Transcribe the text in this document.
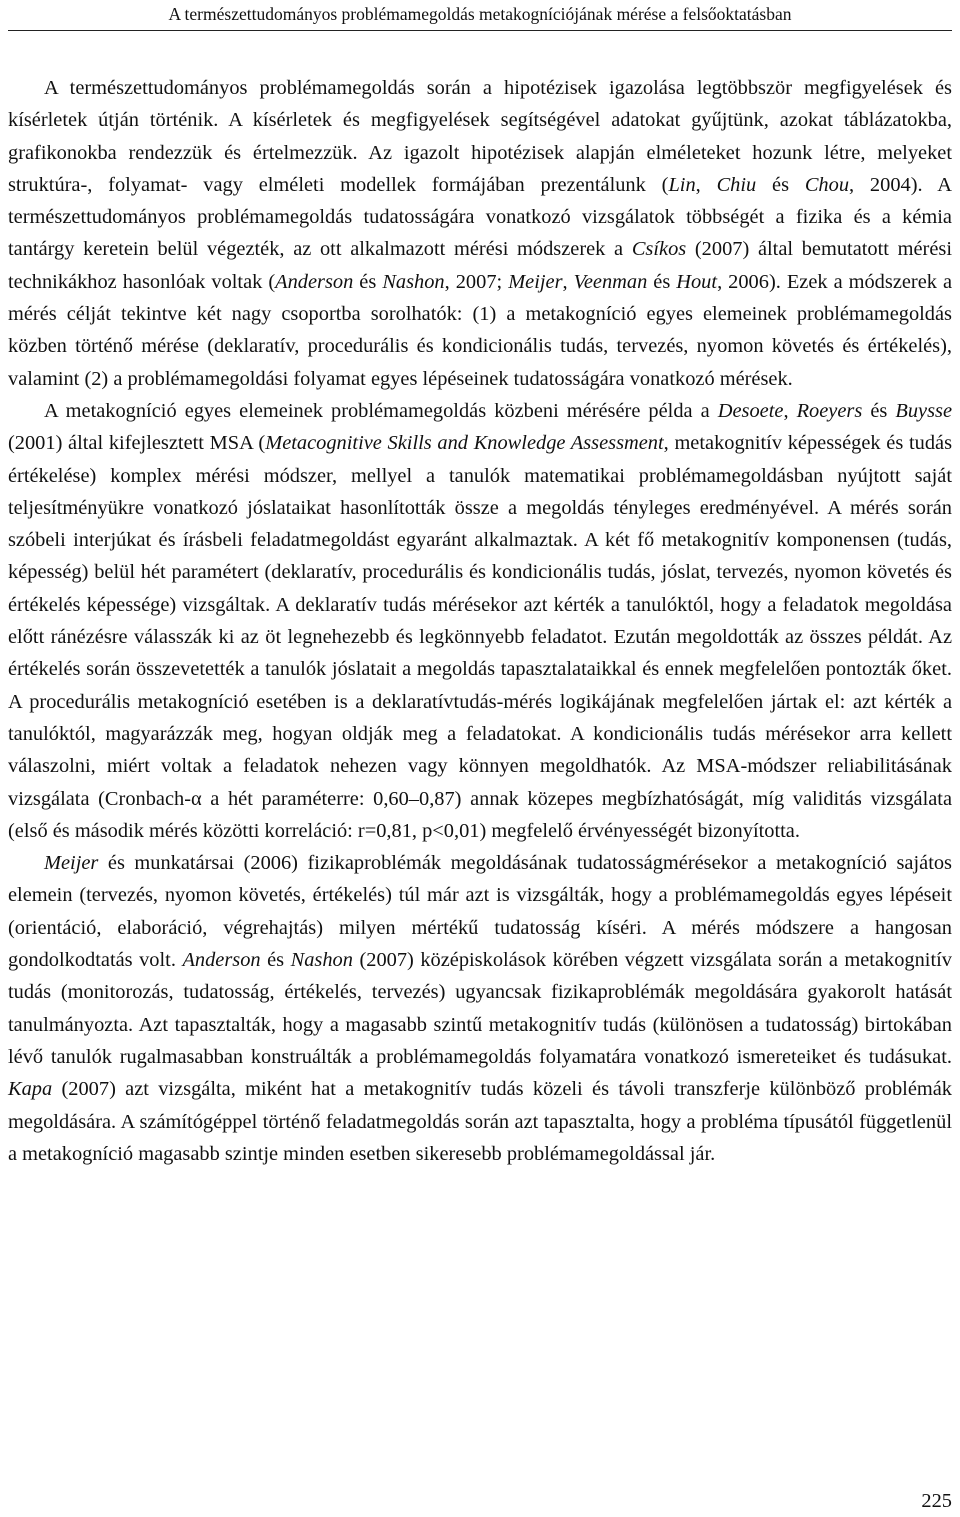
A természettudományos problémamegoldás metakogníciójának mérése a felsőoktatásban

A természettudományos problémamegoldás során a hipotézisek igazolása legtöbbször megfigyelések és kísérletek útján történik. A kísérletek és megfigyelések segítségével adatokat gyűjtünk, azokat táblázatokba, grafikonokba rendezzük és értelmezzük. Az igazolt hipotézisek alapján elméleteket hozunk létre, melyeket struktúra-, folyamat- vagy elméleti modellek formájában prezentálunk (Lin, Chiu és Chou, 2004). A természettudományos problémamegoldás tudatosságára vonatkozó vizsgálatok többségét a fizika és a kémia tantárgy keretein belül végezték, az ott alkalmazott mérési módszerek a Csíkos (2007) által bemutatott mérési technikákhoz hasonlóak voltak (Anderson és Nashon, 2007; Meijer, Veenman és Hout, 2006). Ezek a módszerek a mérés célját tekintve két nagy csoportba sorolhatók: (1) a metakogníció egyes elemeinek problémamegoldás közben történő mérése (deklaratív, procedurális és kondicionális tudás, tervezés, nyomon követés és értékelés), valamint (2) a problémamegoldási folyamat egyes lépéseinek tudatosságára vonatkozó mérések.

A metakogníció egyes elemeinek problémamegoldás közbeni mérésére példa a Desoete, Roeyers és Buysse (2001) által kifejlesztett MSA (Metacognitive Skills and Knowledge Assessment, metakognitív képességek és tudás értékelése) komplex mérési módszer, mellyel a tanulók matematikai problémamegoldásban nyújtott saját teljesítményükre vonatkozó jóslataikat hasonlították össze a megoldás tényleges eredményével. A mérés során szóbeli interjúkat és írásbeli feladatmegoldást egyaránt alkalmaztak. A két fő metakognitív komponensen (tudás, képesség) belül hét paramétert (deklaratív, procedurális és kondicionális tudás, jóslat, tervezés, nyomon követés és értékelés képessége) vizsgáltak. A deklaratív tudás mérésekor azt kérték a tanulóktól, hogy a feladatok megoldása előtt ránézésre válasszák ki az öt legnehezebb és legkönnyebb feladatot. Ezután megoldották az összes példát. Az értékelés során összevetették a tanulók jóslatait a megoldás tapasztalataikkal és ennek megfelelően pontozták őket. A procedurális metakogníció esetében is a deklaratívtudás-mérés logikájának megfelelően jártak el: azt kérték a tanulóktól, magyarázzák meg, hogyan oldják meg a feladatokat. A kondicionális tudás mérésekor arra kellett válaszolni, miért voltak a feladatok nehezen vagy könnyen megoldhatók. Az MSA-módszer reliabilitásának vizsgálata (Cronbach-α a hét paraméterre: 0,60–0,87) annak közepes megbízhatóságát, míg validitás vizsgálata (első és második mérés közötti korreláció: r=0,81, p<0,01) megfelelő érvényességét bizonyította.

Meijer és munkatársai (2006) fizikaproblémák megoldásának tudatosságmérésekor a metakogníció sajátos elemein (tervezés, nyomon követés, értékelés) túl már azt is vizsgálták, hogy a problémamegoldás egyes lépéseit (orientáció, elaboráció, végrehajtás) milyen mértékű tudatosság kíséri. A mérés módszere a hangosan gondolkodtatás volt. Anderson és Nashon (2007) középiskolások körében végzett vizsgálata során a metakognitív tudás (monitorozás, tudatosság, értékelés, tervezés) ugyancsak fizikaproblémák megoldására gyakorolt hatását tanulmányozta. Azt tapasztalták, hogy a magasabb szintű metakognitív tudás (különösen a tudatosság) birtokában lévő tanulók rugalmasabban konstruálták a problémamegoldás folyamatára vonatkozó ismereteiket és tudásukat. Kapa (2007) azt vizsgálta, miként hat a metakognitív tudás közeli és távoli transzferje különböző problémák megoldására. A számítógéppel történő feladatmegoldás során azt tapasztalta, hogy a probléma típusától függetlenül a metakogníció magasabb szintje minden esetben sikeresebb problémamegoldással jár.

225
